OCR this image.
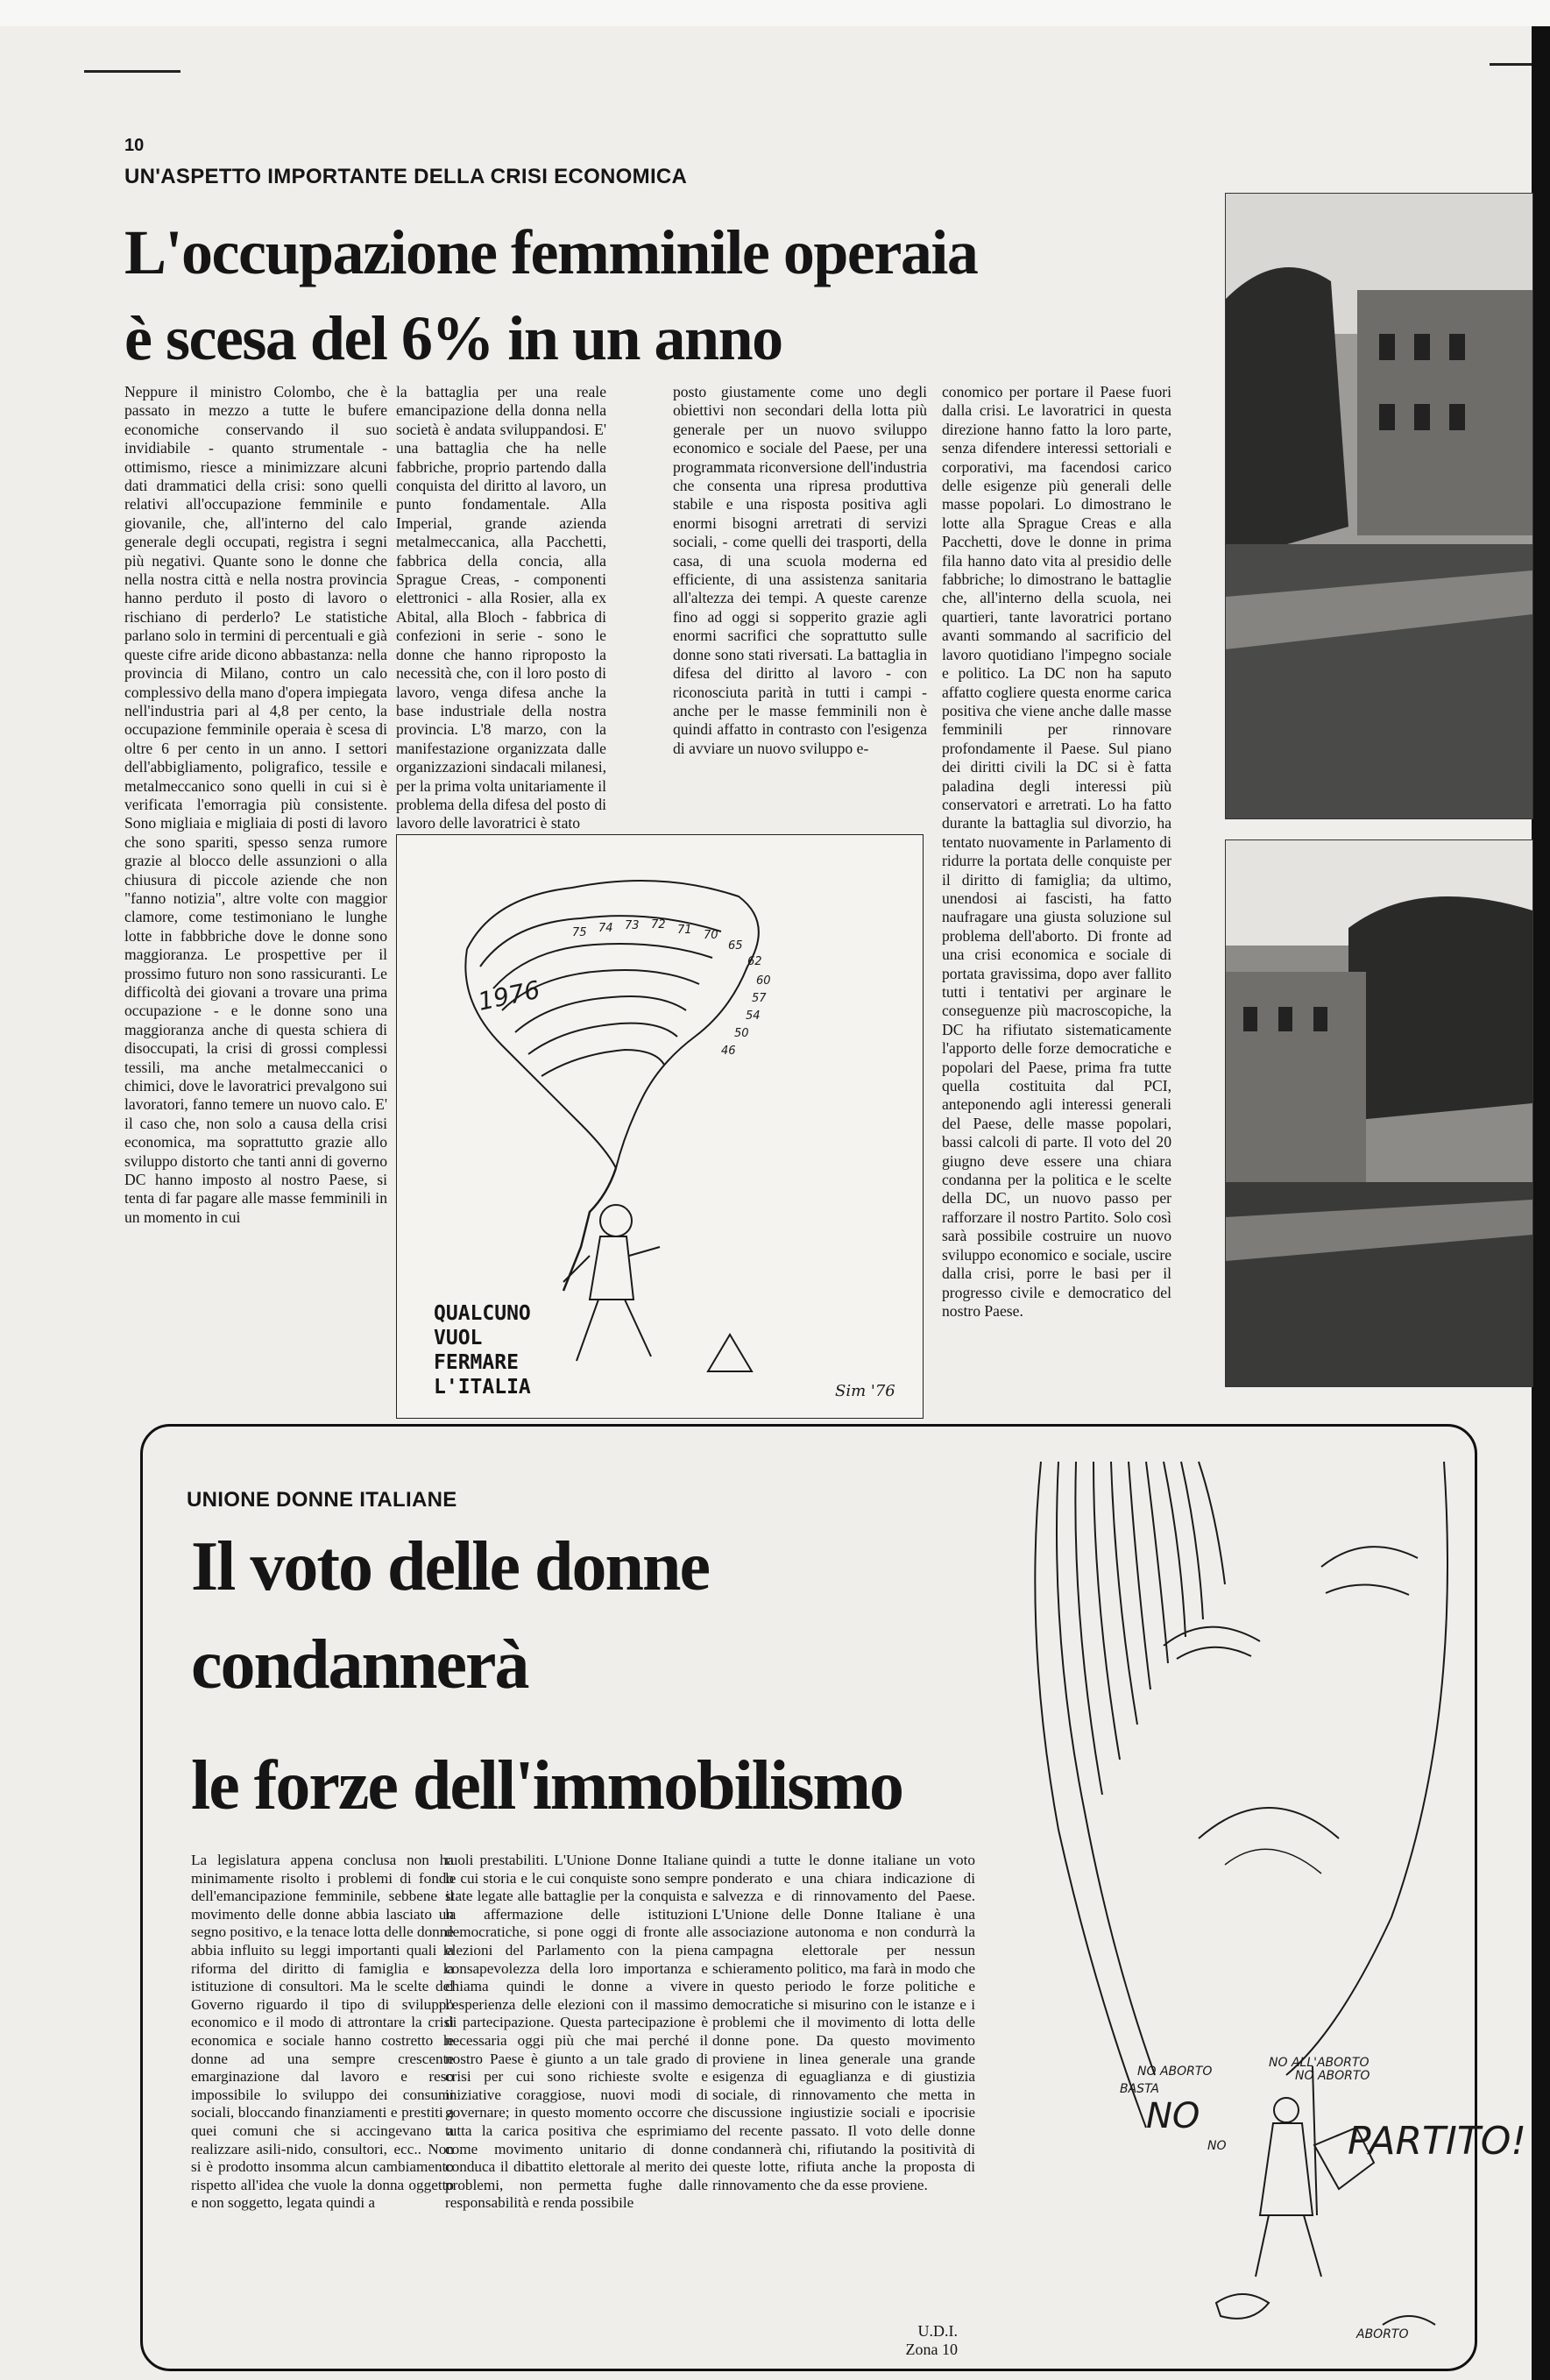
10
UN'ASPETTO IMPORTANTE DELLA CRISI ECONOMICA
L'occupazione femminile operaia
è scesa del 6% in un anno

Neppure il ministro Colombo, che è passato in mezzo a tutte le bufere economiche conservando il suo invidiabile - quanto strumentale - ottimismo, riesce a minimizzare alcuni dati drammatici della crisi: sono quelli relativi all'occupazione femminile e giovanile, che, all'interno del calo generale degli occupati, registra i segni più negativi. Quante sono le donne che nella nostra città e nella nostra provincia hanno perduto il posto di lavoro o rischiano di perderlo? Le statistiche parlano solo in termini di percentuali e già queste cifre aride dicono abbastanza: nella provincia di Milano, contro un calo complessivo della mano d'opera impiegata nell'industria pari al 4,8 per cento, la occupazione femminile operaia è scesa di oltre 6 per cento in un anno. I settori dell'abbigliamento, poligrafico, tessile e metalmeccanico sono quelli in cui si è verificata l'emorragia più consistente. Sono migliaia e migliaia di posti di lavoro che sono spariti, spesso senza rumore grazie al blocco delle assunzioni o alla chiusura di piccole aziende che non "fanno notizia", altre volte con maggior clamore, come testimoniano le lunghe lotte in fabbbriche dove le donne sono maggioranza. Le prospettive per il prossimo futuro non sono rassicuranti. Le difficoltà dei giovani a trovare una prima occupazione - e le donne sono una maggioranza anche di questa schiera di disoccupati, la crisi di grossi complessi tessili, ma anche metalmeccanici o chimici, dove le lavoratrici prevalgono sui lavoratori, fanno temere un nuovo calo. E' il caso che, non solo a causa della crisi economica, ma soprattutto grazie allo sviluppo distorto che tanti anni di governo DC hanno imposto al nostro Paese, si tenta di far pagare alle masse femminili in un momento in cui

la battaglia per una reale emancipazione della donna nella società è andata sviluppandosi. E' una battaglia che ha nelle fabbriche, proprio partendo dalla conquista del diritto al lavoro, un punto fondamentale. Alla Imperial, grande azienda metalmeccanica, alla Pacchetti, fabbrica della concia, alla Sprague Creas, - componenti elettronici - alla Rosier, alla ex Abital, alla Bloch - fabbrica di confezioni in serie - sono le donne che hanno riproposto la necessità che, con il loro posto di lavoro, venga difesa anche la base industriale della nostra provincia. L'8 marzo, con la manifestazione organizzata dalle organizzazioni sindacali milanesi, per la prima volta unitariamente il problema della difesa del posto di lavoro delle lavoratrici è stato

posto giustamente come uno degli obiettivi non secondari della lotta più generale per un nuovo sviluppo economico e sociale del Paese, per una programmata riconversione dell'industria che consenta una ripresa produttiva stabile e una risposta positiva agli enormi bisogni arretrati di servizi sociali, - come quelli dei trasporti, della casa, di una scuola moderna ed efficiente, di una assistenza sanitaria all'altezza dei tempi. A queste carenze fino ad oggi si sopperito grazie agli enormi sacrifici che soprattutto sulle donne sono stati riversati. La battaglia in difesa del diritto al lavoro - con riconosciuta parità in tutti i campi - anche per le masse femminili non è quindi affatto in contrasto con l'esigenza di avviare un nuovo sviluppo e-

conomico per portare il Paese fuori dalla crisi. Le lavoratrici in questa direzione hanno fatto la loro parte, senza difendere interessi settoriali e corporativi, ma facendosi carico delle esigenze più generali delle masse popolari. Lo dimostrano le lotte alla Sprague Creas e alla Pacchetti, dove le donne in prima fila hanno dato vita al presidio delle fabbriche; lo dimostrano le battaglie che, all'interno della scuola, nei quartieri, tante lavoratrici portano avanti sommando al sacrificio del lavoro quotidiano l'impegno sociale e politico. La DC non ha saputo affatto cogliere questa enorme carica positiva che viene anche dalle masse femminili per rinnovare profondamente il Paese. Sul piano dei diritti civili la DC si è fatta paladina degli interessi più conservatori e arretrati. Lo ha fatto durante la battaglia sul divorzio, ha tentato nuovamente in Parlamento di ridurre la portata delle conquiste per il diritto di famiglia; da ultimo, unendosi ai fascisti, ha fatto naufragare una giusta soluzione sul problema dell'aborto. Di fronte ad una crisi economica e sociale di portata gravissima, dopo aver fallito tutti i tentativi per arginare le conseguenze più macroscopiche, la DC ha rifiutato sistematicamente l'apporto delle forze democratiche e popolari del Paese, prima fra tutte quella costituita dal PCI, anteponendo agli interessi generali del Paese, delle masse popolari, bassi calcoli di parte. Il voto del 20 giugno deve essere una chiara condanna per la politica e le scelte della DC, un nuovo passo per rafforzare il nostro Partito. Solo così sarà possibile costruire un nuovo sviluppo economico e sociale, uscire dalla crisi, porre le basi per il progresso civile e democratico del nostro Paese.

75 74 73 72 71 70
65
62
60
57
54
50
46
1976
Sim '76
QUALCUNO
VUOL
FERMARE
L'ITALIA
UNIONE DONNE ITALIANE
Il voto delle donne
condannerà
le forze dell'immobilismo

La legislatura appena conclusa non ha minimamente risolto i problemi di fondo dell'emancipazione femminile, sebbene il movimento delle donne abbia lasciato un segno positivo, e la tenace lotta delle donne abbia influito su leggi importanti quali la riforma del diritto di famiglia e la istituzione di consultori. Ma le scelte del Governo riguardo il tipo di sviluppo economico e il modo di attrontare la crisi economica e sociale hanno costretto le donne ad una sempre crescente emarginazione dal lavoro e reso impossibile lo sviluppo dei consumi sociali, bloccando finanziamenti e prestiti a quei comuni che si accingevano a realizzare asili-nido, consultori, ecc.. Non si è prodotto insomma alcun cambiamento rispetto all'idea che vuole la donna oggetto e non soggetto, legata quindi a

ruoli prestabiliti. L'Unione Donne Italiane le cui storia e le cui conquiste sono sempre state legate alle battaglie per la conquista e la affermazione delle istituzioni democratiche, si pone oggi di fronte alle elezioni del Parlamento con la piena consapevolezza della loro importanza e chiama quindi le donne a vivere l'esperienza delle elezioni con il massimo di partecipazione. Questa partecipazione è necessaria oggi più che mai perché il nostro Paese è giunto a un tale grado di crisi per cui sono richieste svolte e iniziative coraggiose, nuovi modi di governare; in questo momento occorre che tutta la carica positiva che esprimiamo come movimento unitario di donne conduca il dibattito elettorale al merito dei problemi, non permetta fughe dalle responsabilità e renda possibile

quindi a tutte le donne italiane un voto ponderato e una chiara indicazione di salvezza e di rinnovamento del Paese. L'Unione delle Donne Italiane è una associazione autonoma e non condurrà la campagna elettorale per nessun schieramento politico, ma farà in modo che in questo periodo le forze politiche e democratiche si misurino con le istanze e i problemi che il movimento di lotta delle donne pone. Da questo movimento proviene in linea generale una grande esigenza di eguaglianza e di giustizia sociale, di rinnovamento che metta in discussione ingiustizie sociali e ipocrisie del recente passato. Il voto delle donne condannerà chi, rifiutando la positività di queste lotte, rifiuta anche la proposta di rinnovamento che da esse proviene.

U.D.I.
Zona 10
NO ABORTO
NO ALL'ABORTO
NO
NO ABORTO
NO
BASTA
PARTITO!
ABORTO
